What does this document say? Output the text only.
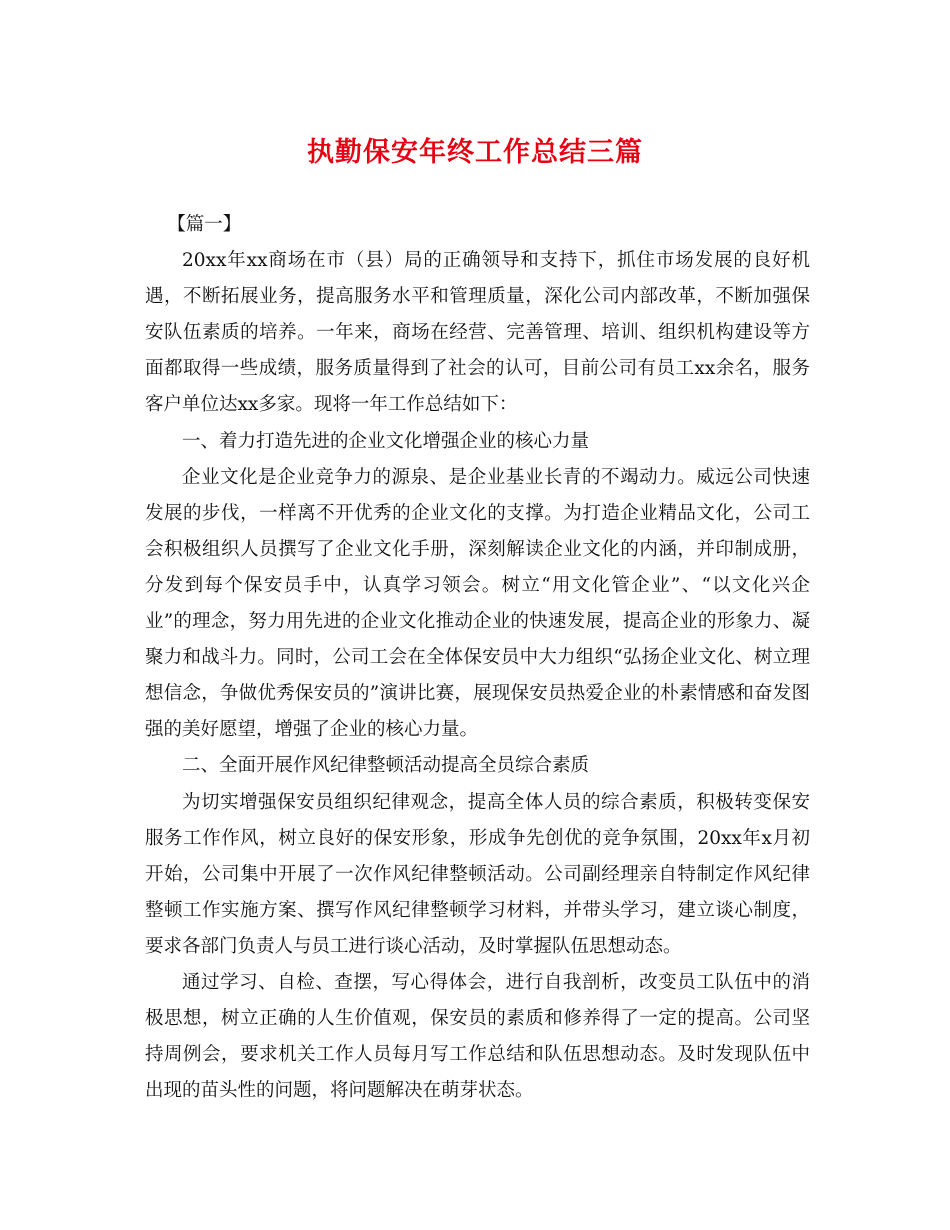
执勤保安年终工作总结三篇

【篇一】

20xx年xx商场在市（县）局的正确领导和支持下，抓住市场发展的良好机遇，不断拓展业务，提高服务水平和管理质量，深化公司内部改革，不断加强保安队伍素质的培养。一年来，商场在经营、完善管理、培训、组织机构建设等方面都取得一些成绩，服务质量得到了社会的认可，目前公司有员工xx余名，服务客户单位达xx多家。现将一年工作总结如下：

一、着力打造先进的企业文化增强企业的核心力量

企业文化是企业竞争力的源泉、是企业基业长青的不竭动力。威远公司快速发展的步伐，一样离不开优秀的企业文化的支撑。为打造企业精品文化，公司工会积极组织人员撰写了企业文化手册，深刻解读企业文化的内涵，并印制成册，分发到每个保安员手中，认真学习领会。树立“用文化管企业”、“以文化兴企业”的理念，努力用先进的企业文化推动企业的快速发展，提高企业的形象力、凝聚力和战斗力。同时，公司工会在全体保安员中大力组织“弘扬企业文化、树立理想信念，争做优秀保安员的”演讲比赛，展现保安员热爱企业的朴素情感和奋发图强的美好愿望，增强了企业的核心力量。

二、全面开展作风纪律整顿活动提高全员综合素质

为切实增强保安员组织纪律观念，提高全体人员的综合素质，积极转变保安服务工作作风，树立良好的保安形象，形成争先创优的竞争氛围，20xx年x月初开始，公司集中开展了一次作风纪律整顿活动。公司副经理亲自特制定作风纪律整顿工作实施方案、撰写作风纪律整顿学习材料，并带头学习，建立谈心制度，要求各部门负责人与员工进行谈心活动，及时掌握队伍思想动态。

通过学习、自检、查摆，写心得体会，进行自我剖析，改变员工队伍中的消极思想，树立正确的人生价值观，保安员的素质和修养得了一定的提高。公司坚持周例会，要求机关工作人员每月写工作总结和队伍思想动态。及时发现队伍中出现的苗头性的问题，将问题解决在萌芽状态。
